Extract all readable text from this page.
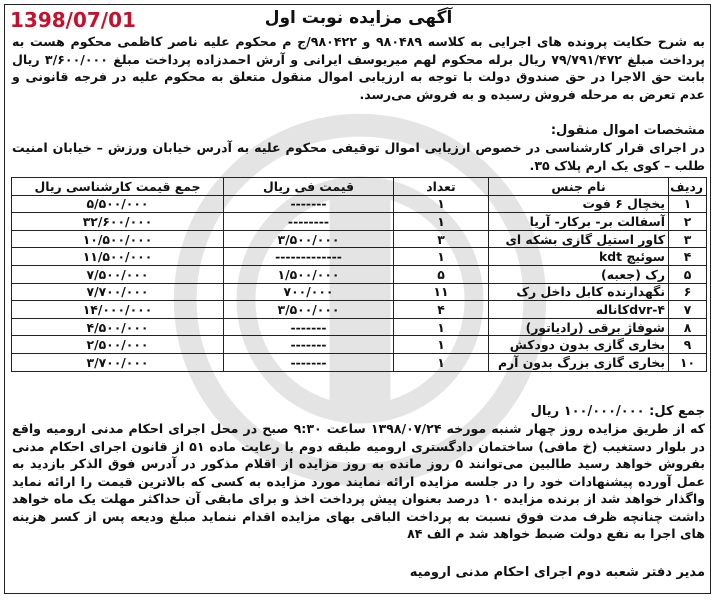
1398/07/01	آگهی مزایده نوبت اول
به شرح حکایت پرونده های اجرایی به کلاسه ۹۸۰۴۸۹ و ۹۸۰۴۲۲/ج م محکوم علیه ناصر کاظمی محکوم هست به پرداخت مبلغ ۷۹/۷۹۱/۴۷۲ ریال برله محکوم لهم میریوسف ایرانی و آرش احمدزاده پرداخت مبلغ ۳/۶۰۰/۰۰۰ ریال بابت حق الاجرا در حق صندوق دولت با توجه به ارزیابی اموال منقول متعلق به محکوم علیه در فرجه قانونی و عدم تعرض به مرحله فروش رسیده و به فروش می‌رسد.
مشخصات اموال منقول:
در اجرای قرار کارشناسی در خصوص ارزیابی اموال توقیفی محکوم علیه به آدرس خیابان ورزش – خیابان امنیت طلب – کوی یک ارم پلاک ۳۵.
ردیف	نام جنس	تعداد	قیمت فی ریال	جمع قیمت کارشناسی ریال
۱	یخچال ۶ فوت	۱	-------	۵/۵۰۰/۰۰۰
۲	آسفالت بر- برکار- آریا	۱	--------	۳۲/۶۰۰/۰۰۰
۳	کاور استیل گازی بشکه ای	۳	۳/۵۰۰/۰۰۰	۱۰/۵۰۰/۰۰۰
۴	سوئیچ kdt	۱	-------------	۱۱/۵۰۰/۰۰۰
۵	رک (جعبه)	۵	۱/۵۰۰/۰۰۰	۷/۵۰۰/۰۰۰
۶	نگهدارنده کابل داخل رک	۱۱	۷۰۰/۰۰۰	۷/۷۰۰/۰۰۰
۷	dvr-۴کاناله	۴	۳/۵۰۰/۰۰۰	۱۴/۰۰۰/۰۰۰
۸	شوفاژ برقی (رادیاتور)	۱	-------	۴/۵۰۰/۰۰۰
۹	بخاری گازی بدون دودکش	۱	-------	۲/۵۰۰/۰۰۰
۱۰	بخاری گازی بزرگ بدون آرم	۱	-------	۳/۷۰۰/۰۰۰
جمع کل: ۱۰۰/۰۰۰/۰۰۰ ریال
که از طریق مزایده روز چهار شنبه مورخه ۱۳۹۸/۰۷/۲۴ ساعت ۹:۳۰ صبح در محل اجرای احکام مدنی ارومیه واقع در بلوار دستغیب (خ مافی) ساختمان دادگستری ارومیه طبقه دوم با رعایت ماده ۵۱ از قانون اجرای احکام مدنی بفروش خواهد رسید طالبین می‌توانند ۵ روز مانده به روز مزایده از اقلام مذکور در آدرس فوق الذکر بازدید به عمل آورده پیشنهادات خود را در جلسه مزایده ارائه نمایند مورد مزایده به کسی که بالاترین قیمت را ارائه نماید واگذار خواهد شد از برنده مزایده ۱۰ درصد بعنوان پیش پرداخت اخذ و برای مابقی آن حداکثر مهلت یک ماه خواهد داشت چنانچه ظرف مدت فوق نسبت به پرداخت الباقی بهای مزایده اقدام ننماید مبلغ ودیعه پس از کسر هزینه های اجرا به نفع دولت ضبط خواهد شد م الف ۸۴
مدیر دفتر شعبه دوم اجرای احکام مدنی ارومیه
